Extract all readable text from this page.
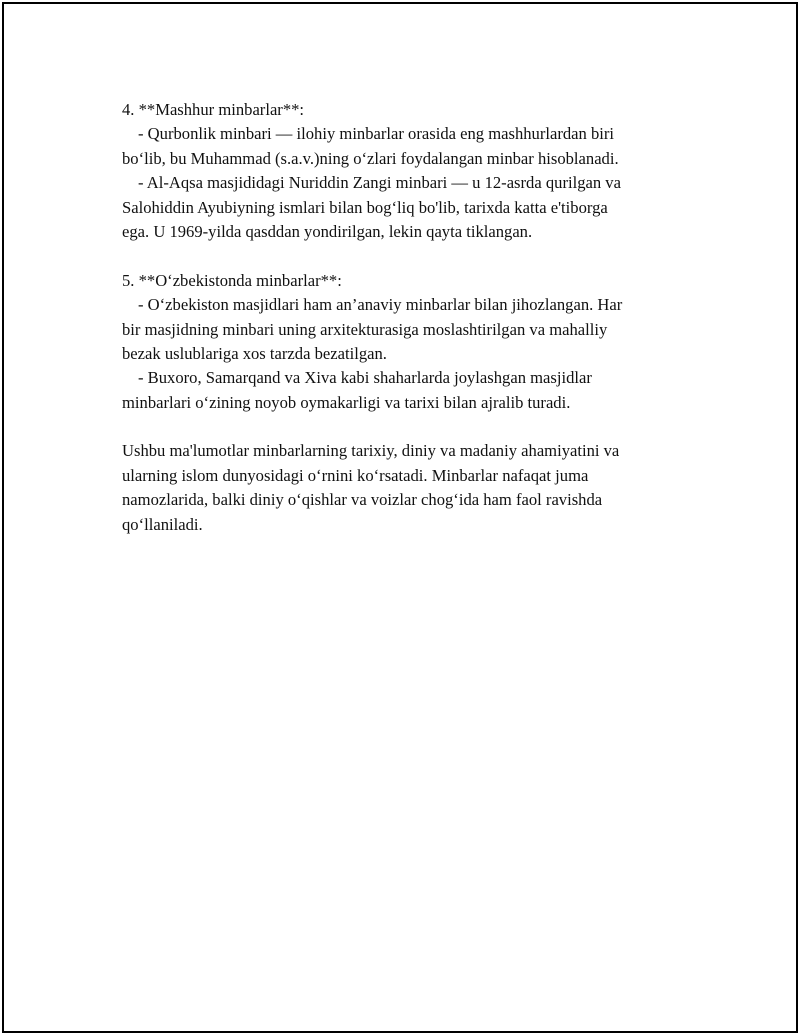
4. **Mashhur minbarlar**:
- Qurbonlik minbari — ilohiy minbarlar orasida eng mashhurlardan biri
bo‘lib, bu Muhammad (s.a.v.)ning o‘zlari foydalangan minbar hisoblanadi.
- Al-Aqsa masjididagi Nuriddin Zangi minbari — u 12-asrda qurilgan va
Salohiddin Ayubiyning ismlari bilan bog‘liq bo'lib, tarixda katta e'tiborga
ega. U 1969-yilda qasddan yondirilgan, lekin qayta tiklangan.
5. **O‘zbekistonda minbarlar**:
- O‘zbekiston masjidlari ham an’anaviy minbarlar bilan jihozlangan. Har
bir masjidning minbari uning arxitekturasiga moslashtirilgan va mahalliy
bezak uslublariga xos tarzda bezatilgan.
- Buxoro, Samarqand va Xiva kabi shaharlarda joylashgan masjidlar
minbarlari o‘zining noyob oymakarligi va tarixi bilan ajralib turadi.
Ushbu ma'lumotlar minbarlarning tarixiy, diniy va madaniy ahamiyatini va
ularning islom dunyosidagi o‘rnini ko‘rsatadi. Minbarlar nafaqat juma
namozlarida, balki diniy o‘qishlar va voizlar chog‘ida ham faol ravishda
qo‘llaniladi.
